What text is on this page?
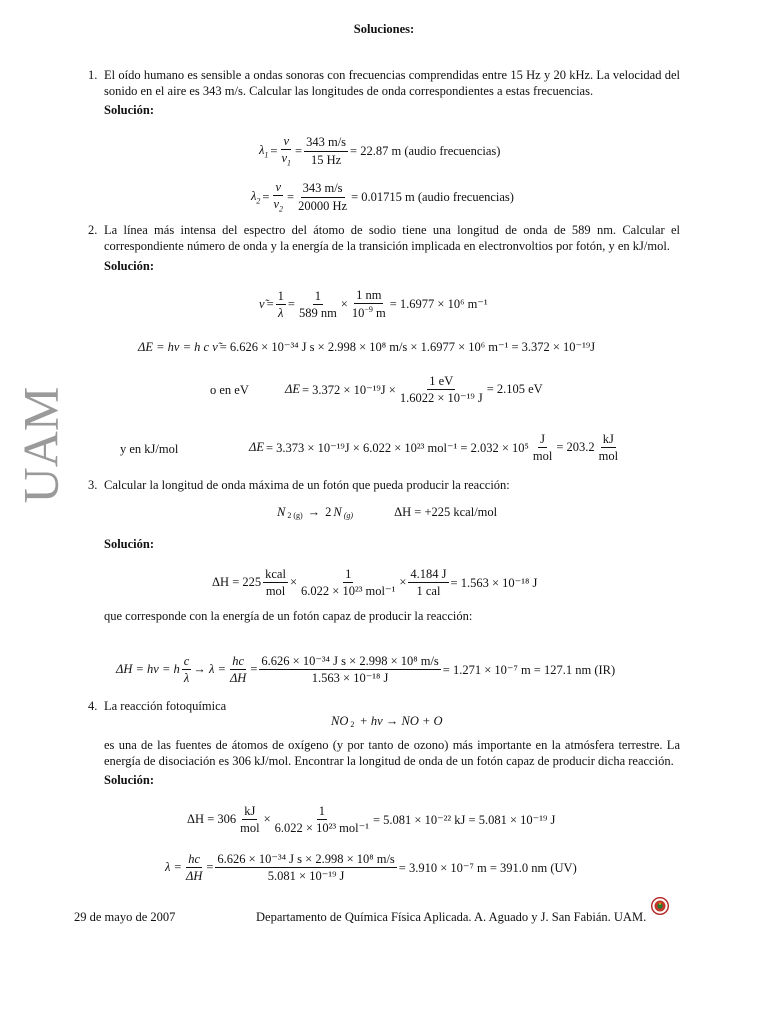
Soluciones:
UAM
1. El oído humano es sensible a ondas sonoras con frecuencias comprendidas entre 15 Hz y 20 kHz. La velocidad del sonido en el aire es 343 m/s. Calcular las longitudes de onda correspondientes a estas frecuencias.
Solución:
$\lambda_1 = \frac{v}{\nu_1} = \frac{343 m/s}{15 Hz} = 22.87$ m (audio frecuencias)
$\lambda_2 = \frac{v}{\nu_2} = \frac{343 m/s}{20000 Hz} = 0.01715$ m (audio frecuencias)
2. La línea más intensa del espectro del átomo de sodio tiene una longitud de onda de 589 nm. Calcular el correspondiente número de onda y la energía de la transición implicada en electronvoltios por fotón, y en kJ/mol.
Solución:
ν̃ = $\frac{1}{\lambda} = \frac{1}{589 nm} \times \frac{1 nm}{10^{-9} m} = 1.6977 \times 10^6$ m⁻¹
ΔE = hν = h c ν̃ = 6.626 × 10⁻³⁴ J s × 2.998 × 10⁸ m/s × 1.6977 × 10⁶ m⁻¹ = 3.372 × 10⁻¹⁹J
o en eV	$\Delta E = 3.372 \times 10^{-19}J \times \frac{1 eV}{\text{1.6022 × 10⁻¹⁹ J}} = 2.105$ eV
y en kJ/mol	ΔE = 3.373 × 10⁻¹⁹J × 6.022 × 10²³ $mol^{-1} = 2.032 \times 10^5 \frac{J}{\text{mol}} = 203.2 \frac{kJ}{\text{mol}}$
3. Calcular la longitud de onda máxima de un fotón que pueda producir la reacción:
N 2 (g) → 2 N (g)	ΔH = +225 kcal/mol
Solución:
$\Delta H = 225 \frac{\text{kcal}}{\text{mol}} \times \frac{1}{\text{6.022 × 10²³ mol⁻¹}} \times \frac{4.184 J}{\text{1 cal}} = 1.563 \times 10^{-18}$ J
que corresponde con la energía de un fotón capaz de producir la reacción:
ΔH = hν = h $\frac{c}{\lambda} \to \lambda = \frac{hc}{\Delta H} = \frac{\text{6.626 × 10⁻³⁴ J s × 2.998 × 10⁸ m/s}}{\text{1.563 × 10⁻¹⁸ J}} = 1.271 \times 10^{-7}$ m = 127.1 nm (IR)
4. La reacción fotoquímica
NO 2 + hν → NO + O
es una de las fuentes de átomos de oxígeno (y por tanto de ozono) más importante en la atmósfera terrestre. La energía de disociación es 306 kJ/mol. Encontrar la longitud de onda de un fotón capaz de producir dicha reacción.
Solución:
$\Delta H = 306 \frac{kJ}{\text{mol}} \times \frac{1}{\text{6.022 × 10²³ mol⁻¹}} = 5.081 \times 10^{-22}$ kJ = 5.081 × 10⁻¹⁹ J
$\lambda = \frac{hc}{\Delta H} = \frac{\text{6.626 × 10⁻³⁴ J s × 2.998 × 10⁸ m/s}}{\text{5.081 × 10⁻¹⁹ J}} = 3.910 \times 10^{-7}$ m = 391.0 nm (UV)
29 de mayo de 2007	Departamento de Química Física Aplicada. A. Aguado y J. San Fabián. UAM.
